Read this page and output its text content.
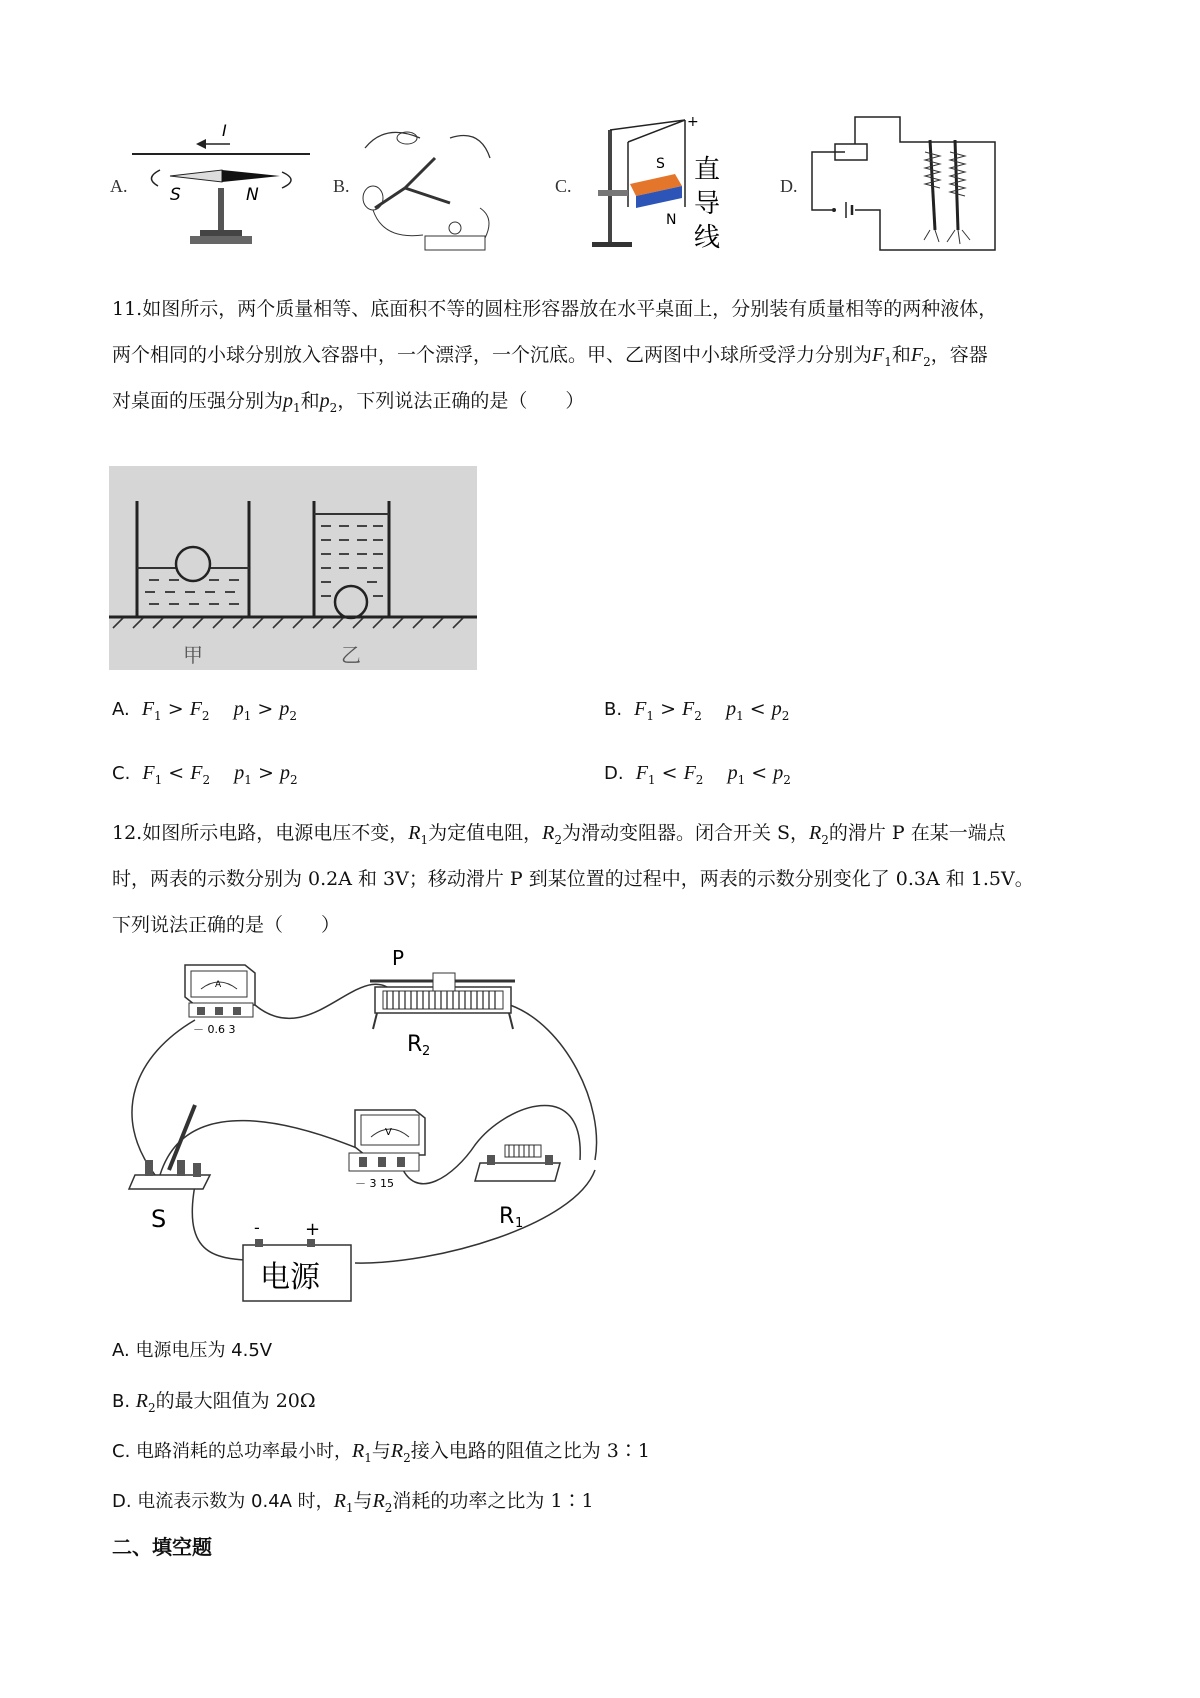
A.
I
S	N	B.	C.
+
S
N
直
导
线
D.
11.如图所示，两个质量相等、底面积不等的圆柱形容器放在水平桌面上，分别装有质量相等的两种液体，
两个相同的小球分别放入容器中，一个漂浮，一个沉底。甲、乙两图中小球所受浮力分别为$F_1$和$F_2$，容器
对桌面的压强分别为$p_1$和$p_2$，下列说法正确的是（　　）
甲	乙
A. $F_1 > F_2$ $p_1 > p_2$	B. $F_1 > F_2$ $p_1 < p_2$
C. $F_1 < F_2$ $p_1 > p_2$	D. $F_1 < F_2$ $p_1 < p_2$
12.如图所示电路，电源电压不变，$R_1$为定值电阻，$R_2$为滑动变阻器。闭合开关 S，$R_2$的滑片 P 在某一端点
时，两表的示数分别为 0.2A 和 3V；移动滑片 P 到某位置的过程中，两表的示数分别变化了 0.3A 和 1.5V。
下列说法正确的是（　　）
A
－ 0.6 3
P
R 2
V
－ 3 15
S	R 1
-	+
电源
A. 电源电压为 4.5V
B. $R_2$的最大阻值为 20Ω
C. 电路消耗的总功率最小时，$R_1$与$R_2$接入电路的阻值之比为 3∶1
D. 电流表示数为 0.4A 时，$R_1$与$R_2$消耗的功率之比为 1∶1
二、填空题
